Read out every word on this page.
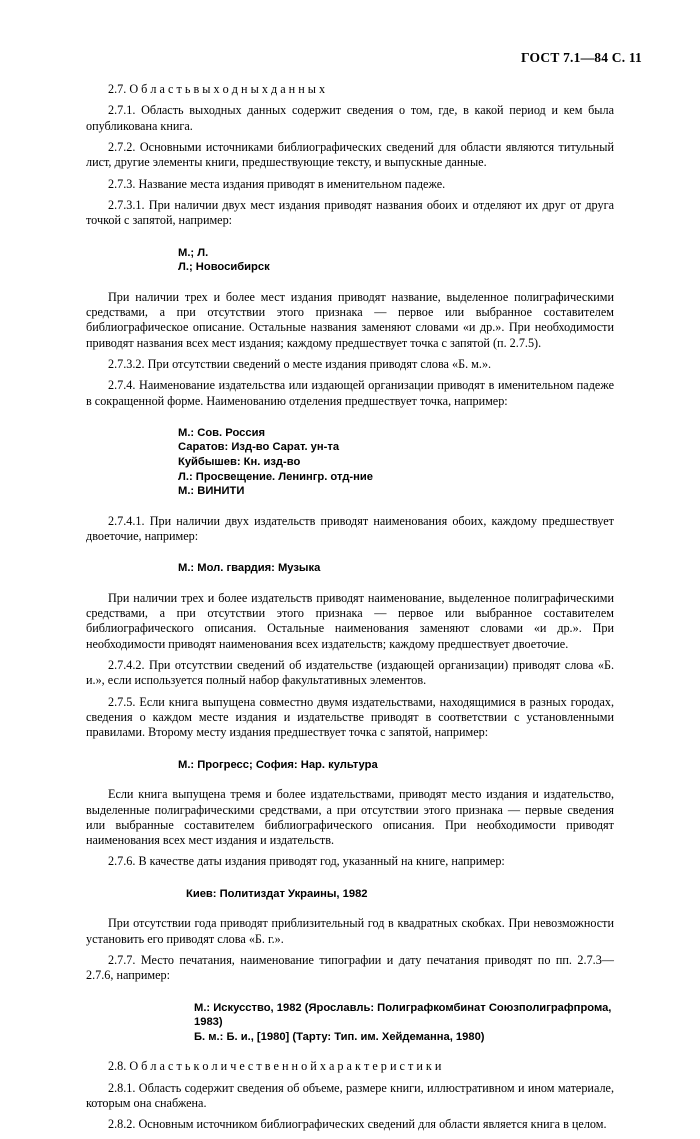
ГОСТ 7.1—84 С. 11

2.7. О б л а с т ь в ы х о д н ы х д а н н ы х

2.7.1. Область выходных данных содержит сведения о том, где, в какой период и кем была опубликована книга.

2.7.2. Основными источниками библиографических сведений для области являются титульный лист, другие элементы книги, предшествующие тексту, и выпускные данные.

2.7.3. Название места издания приводят в именительном падеже.

2.7.3.1. При наличии двух мест издания приводят названия обоих и отделяют их друг от друга точкой с запятой, например:

М.; Л.

Л.; Новосибирск

При наличии трех и более мест издания приводят название, выделенное полиграфическими средствами, а при отсутствии этого признака — первое или выбранное составителем библиографическое описание. Остальные названия заменяют словами «и др.». При необходимости приводят названия всех мест издания; каждому предшествует точка с запятой (п. 2.7.5).

2.7.3.2. При отсутствии сведений о месте издания приводят слова «Б. м.».

2.7.4. Наименование издательства или издающей организации приводят в именительном падеже в сокращенной форме. Наименованию отделения предшествует точка, например:

М.: Сов. Россия

Саратов: Изд-во Сарат. ун-та

Куйбышев: Кн. изд-во

Л.: Просвещение. Ленингр. отд-ние

М.: ВИНИТИ

2.7.4.1. При наличии двух издательств приводят наименования обоих, каждому предшествует двоеточие, например:

М.: Мол. гвардия: Музыка

При наличии трех и более издательств приводят наименование, выделенное полиграфическими средствами, а при отсутствии этого признака — первое или выбранное составителем библиографического описания. Остальные наименования заменяют словами «и др.». При необходимости приводят наименования всех издательств; каждому предшествует двоеточие.

2.7.4.2. При отсутствии сведений об издательстве (издающей организации) приводят слова «Б. и.», если используется полный набор факультативных элементов.

2.7.5. Если книга выпущена совместно двумя издательствами, находящимися в разных городах, сведения о каждом месте издания и издательстве приводят в соответствии с установленными правилами. Второму месту издания предшествует точка с запятой, например:

М.: Прогресс; София: Нар. культура

Если книга выпущена тремя и более издательствами, приводят место издания и издательство, выделенные полиграфическими средствами, а при отсутствии этого признака — первые сведения или выбранные составителем библиографического описания. При необходимости приводят наименования всех мест издания и издательств.

2.7.6. В качестве даты издания приводят год, указанный на книге, например:

Киев: Политиздат Украины, 1982

При отсутствии года приводят приблизительный год в квадратных скобках. При невозможности установить его приводят слова «Б. г.».

2.7.7. Место печатания, наименование типографии и дату печатания приводят по пп. 2.7.3—2.7.6, например:

М.: Искусство, 1982 (Ярославль: Полиграфкомбинат Союзполиграфпрома, 1983)

Б. м.: Б. и., [1980] (Тарту: Тип. им. Хейдеманна, 1980)

2.8. О б л а с т ь к о л и ч е с т в е н н о й х а р а к т е р и с т и к и

2.8.1. Область содержит сведения об объеме, размере книги, иллюстративном и ином материале, которым она снабжена.

2.8.2. Основным источником библиографических сведений для области является книга в целом.
